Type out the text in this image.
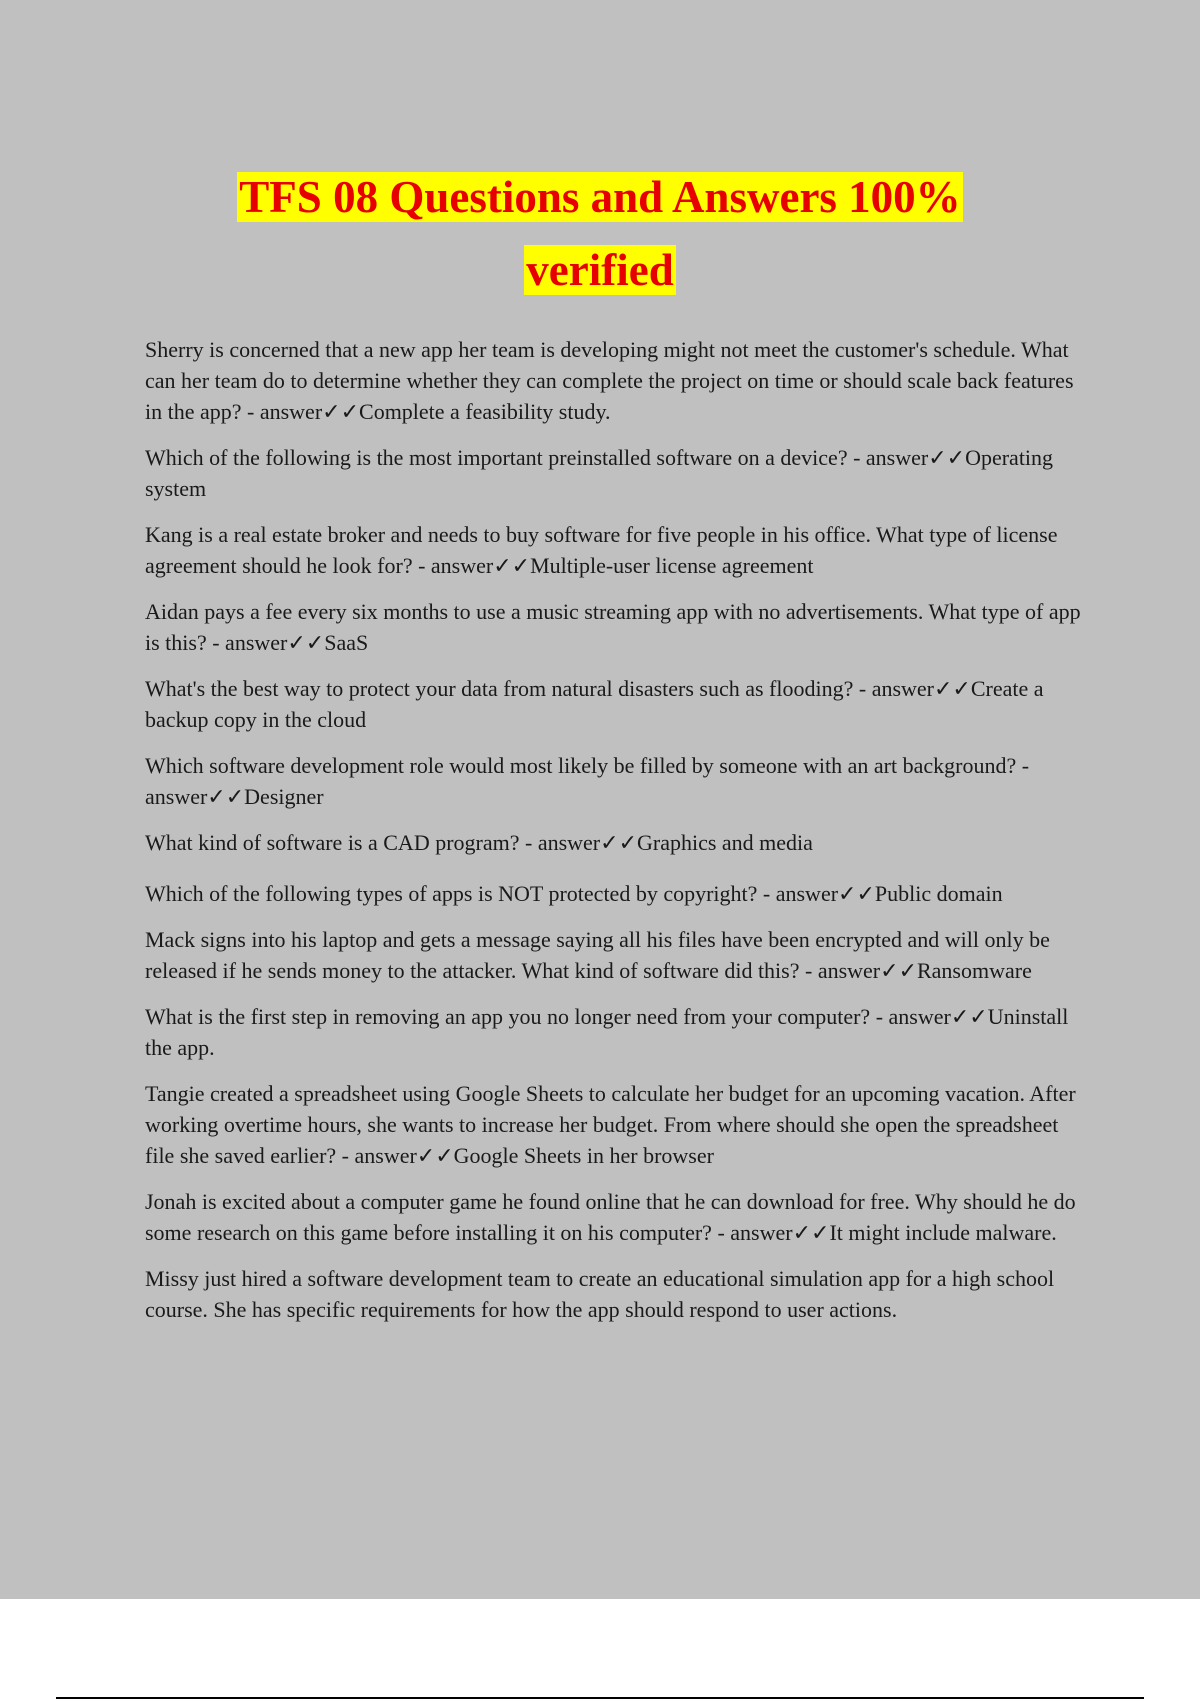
TFS 08 Questions and Answers 100%
verified
Sherry is concerned that a new app her team is developing might not meet the customer's schedule. What can her team do to determine whether they can complete the project on time or should scale back features in the app? - answer✓✓Complete a feasibility study.
Which of the following is the most important preinstalled software on a device? - answer✓✓Operating system
Kang is a real estate broker and needs to buy software for five people in his office. What type of license agreement should he look for? - answer✓✓Multiple-user license agreement
Aidan pays a fee every six months to use a music streaming app with no advertisements. What type of app is this? - answer✓✓SaaS
What's the best way to protect your data from natural disasters such as flooding? - answer✓✓Create a backup copy in the cloud
Which software development role would most likely be filled by someone with an art background? - answer✓✓Designer
What kind of software is a CAD program? - answer✓✓Graphics and media
Which of the following types of apps is NOT protected by copyright? - answer✓✓Public domain
Mack signs into his laptop and gets a message saying all his files have been encrypted and will only be released if he sends money to the attacker. What kind of software did this? - answer✓✓Ransomware
What is the first step in removing an app you no longer need from your computer? - answer✓✓Uninstall the app.
Tangie created a spreadsheet using Google Sheets to calculate her budget for an upcoming vacation. After working overtime hours, she wants to increase her budget. From where should she open the spreadsheet file she saved earlier? - answer✓✓Google Sheets in her browser
Jonah is excited about a computer game he found online that he can download for free. Why should he do some research on this game before installing it on his computer? - answer✓✓It might include malware.
Missy just hired a software development team to create an educational simulation app for a high school course. She has specific requirements for how the app should respond to user actions.
